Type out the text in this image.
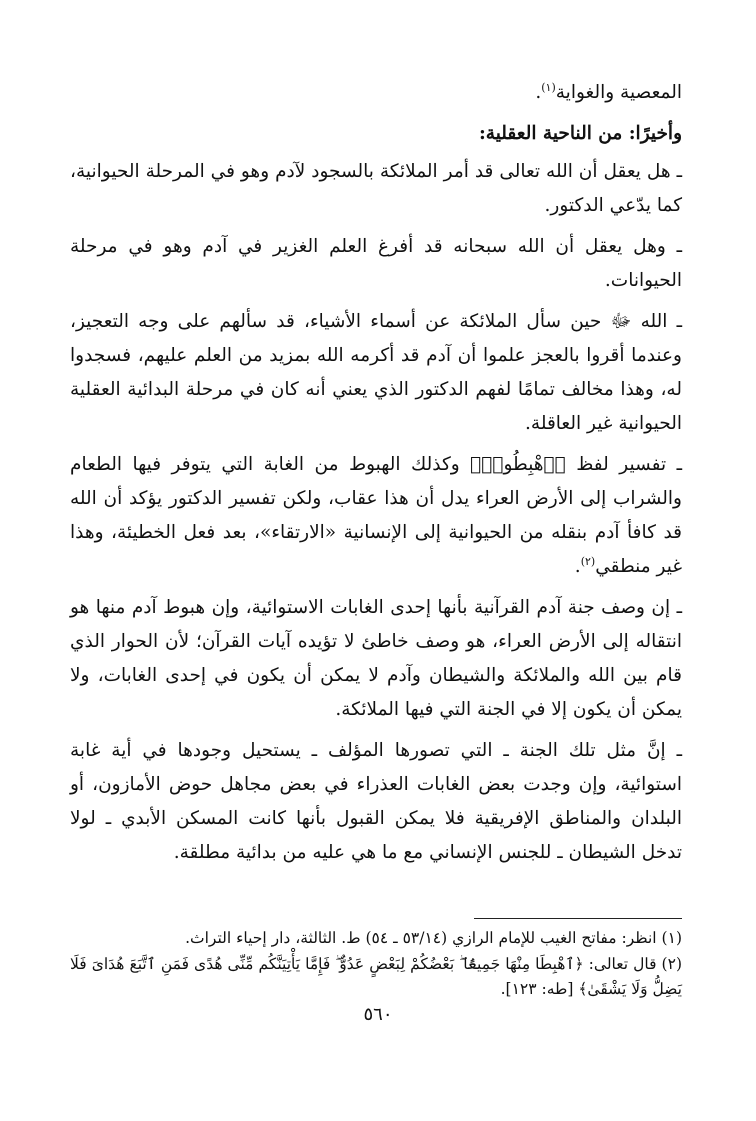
المعصية والغواية$^{(١)}$.

وأخيرًا: من الناحية العقلية:

ـ هل يعقل أن الله تعالى قد أمر الملائكة بالسجود لآدم وهو في المرحلة الحيوانية، كما يدّعي الدكتور.

ـ وهل يعقل أن الله سبحانه قد أفرغ العلم الغزير في آدم وهو في مرحلة الحيوانات.

ـ الله ﷻ حين سأل الملائكة عن أسماء الأشياء، قد سألهم على وجه التعجيز، وعندما أقروا بالعجز علموا أن آدم قد أكرمه الله بمزيد من العلم عليهم، فسجدوا له، وهذا مخالف تمامًا لفهم الدكتور الذي يعني أنه كان في مرحلة البدائية العقلية الحيوانية غير العاقلة.

ـ تفسير لفظ ﴿ٱهْبِطُوا۟﴾ وكذلك الهبوط من الغابة التي يتوفر فيها الطعام والشراب إلى الأرض العراء يدل أن هذا عقاب، ولكن تفسير الدكتور يؤكد أن الله قد كافأ آدم بنقله من الحيوانية إلى الإنسانية «الارتقاء»، بعد فعل الخطيئة، وهذا غير منطقي$^{(٢)}$.

ـ إن وصف جنة آدم القرآنية بأنها إحدى الغابات الاستوائية، وإن هبوط آدم منها هو انتقاله إلى الأرض العراء، هو وصف خاطئ لا تؤيده آيات القرآن؛ لأن الحوار الذي قام بين الله والملائكة والشيطان وآدم لا يمكن أن يكون في إحدى الغابات، ولا يمكن أن يكون إلا في الجنة التي فيها الملائكة.

ـ إنَّ مثل تلك الجنة ـ التي تصورها المؤلف ـ يستحيل وجودها في أية غابة استوائية، وإن وجدت بعض الغابات العذراء في بعض مجاهل حوض الأمازون، أو البلدان والمناطق الإفريقية فلا يمكن القبول بأنها كانت المسكن الأبدي ـ لولا تدخل الشيطان ـ للجنس الإنساني مع ما هي عليه من بدائية مطلقة.

(١) انظر: مفاتح الغيب للإمام الرازي (٥٣/١٤ ـ ٥٤) ط. الثالثة، دار إحياء التراث.

(٢) قال تعالى: ﴿ٱهْبِطَا مِنْهَا جَمِيعًۢا ۖ بَعْضُكُمْ لِبَعْضٍ عَدُوٌّ ۖ فَإِمَّا يَأْتِيَنَّكُم مِّنِّى هُدًى فَمَنِ ٱتَّبَعَ هُدَاىَ فَلَا يَضِلُّ وَلَا يَشْقَىٰ﴾ [طه: ١٢٣].

٥٦٠
